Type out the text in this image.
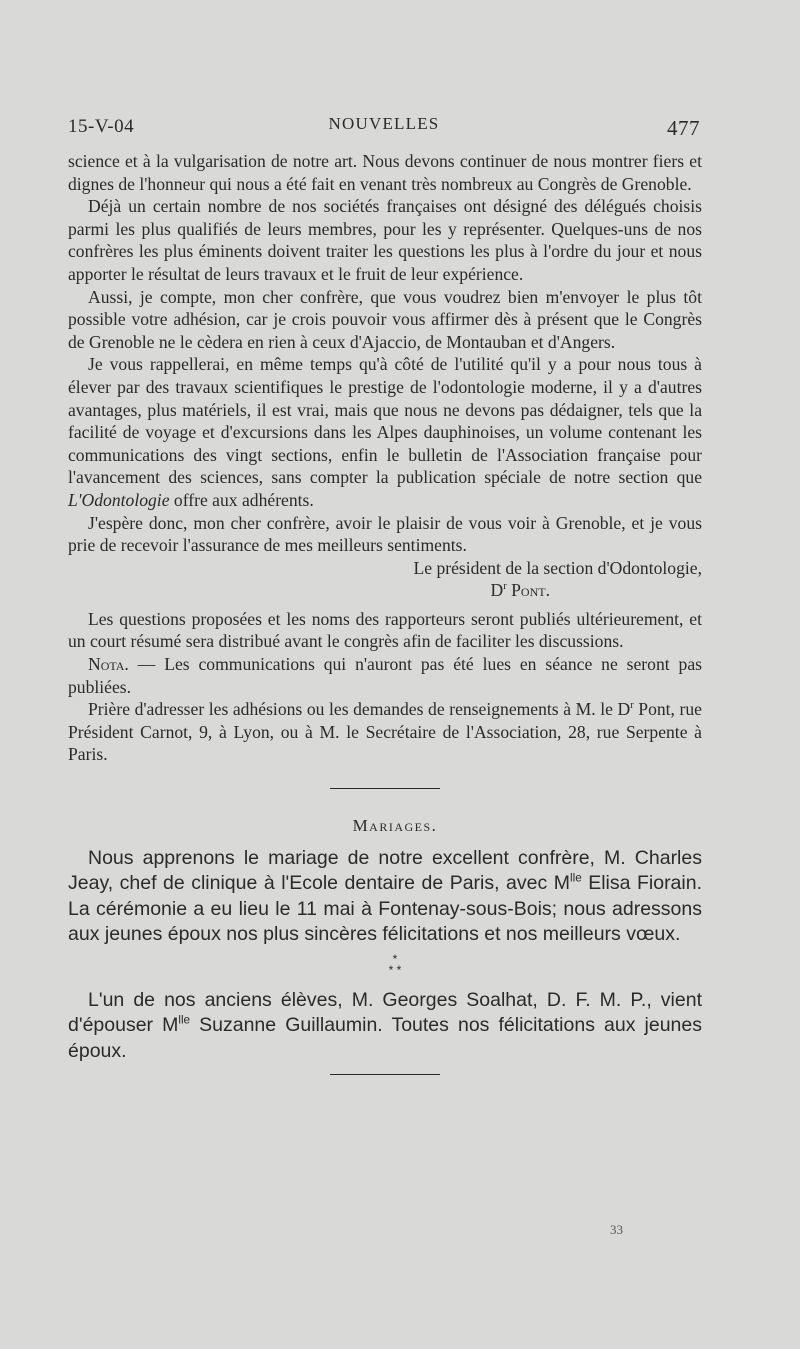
15-V-04	NOUVELLES	477

science et à la vulgarisation de notre art. Nous devons continuer de nous montrer fiers et dignes de l'honneur qui nous a été fait en venant très nombreux au Congrès de Grenoble.

Déjà un certain nombre de nos sociétés françaises ont désigné des délégués choisis parmi les plus qualifiés de leurs membres, pour les y représenter. Quelques-uns de nos confrères les plus éminents doivent traiter les questions les plus à l'ordre du jour et nous apporter le résultat de leurs travaux et le fruit de leur expérience.

Aussi, je compte, mon cher confrère, que vous voudrez bien m'envoyer le plus tôt possible votre adhésion, car je crois pouvoir vous affirmer dès à présent que le Congrès de Grenoble ne le cèdera en rien à ceux d'Ajaccio, de Montauban et d'Angers.

Je vous rappellerai, en même temps qu'à côté de l'utilité qu'il y a pour nous tous à élever par des travaux scientifiques le prestige de l'odontologie moderne, il y a d'autres avantages, plus matériels, il est vrai, mais que nous ne devons pas dédaigner, tels que la facilité de voyage et d'excursions dans les Alpes dauphinoises, un volume contenant les communications des vingt sections, enfin le bulletin de l'Association française pour l'avancement des sciences, sans compter la publication spéciale de notre section que L'Odontologie offre aux adhérents.

J'espère donc, mon cher confrère, avoir le plaisir de vous voir à Grenoble, et je vous prie de recevoir l'assurance de mes meilleurs sentiments.

Le président de la section d'Odontologie,

$D^r$ Pont.

Les questions proposées et les noms des rapporteurs seront publiés ultérieurement, et un court résumé sera distribué avant le congrès afin de faciliter les discussions.

Nota. — Les communications qui n'auront pas été lues en séance ne seront pas publiées.

Prière d'adresser les adhésions ou les demandes de renseignements à M. le $D^r$ Pont, rue Président Carnot, 9, à Lyon, ou à M. le Secrétaire de l'Association, 28, rue Serpente à Paris.

Mariages.

Nous apprenons le mariage de notre excellent confrère, M. Charles Jeay, chef de clinique à l'Ecole dentaire de Paris, avec $M^{lle}$ Elisa Fiorain. La cérémonie a eu lieu le 11 mai à Fontenay-sous-Bois; nous adressons aux jeunes époux nos plus sincères félicitations et nos meilleurs vœux.

*

* *

L'un de nos anciens élèves, M. Georges Soalhat, D. F. M. P., vient d'épouser $M^{lle}$ Suzanne Guillaumin. Toutes nos félicitations aux jeunes époux.

33
